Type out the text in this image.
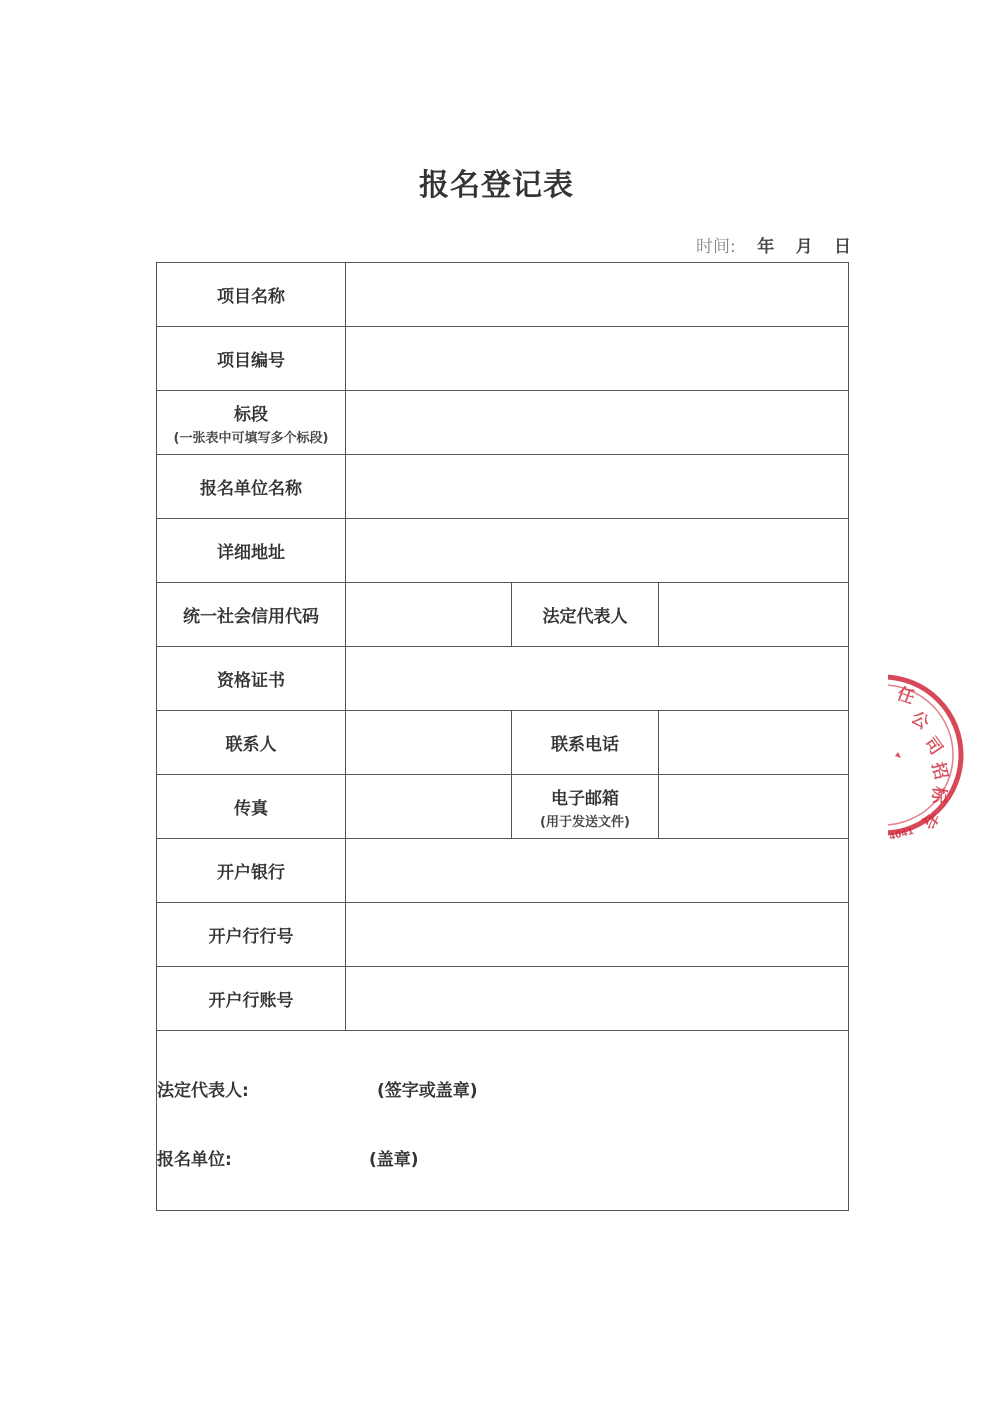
报名登记表
时间: 年 月 日
项目名称			
项目编号			
标段
(一张表中可填写多个标段)			

报名单位名称			
详细地址			
统一社会信用代码		法定代表人	
资格证书			
联系人		联系电话	
传真		电子邮箱
(用于发送文件)	

开户银行			
开户行行号			
开户行账号			

法定代表人: (签字或盖章)
报名单位: (盖章)			
任
公
司
招
标
专
4041
